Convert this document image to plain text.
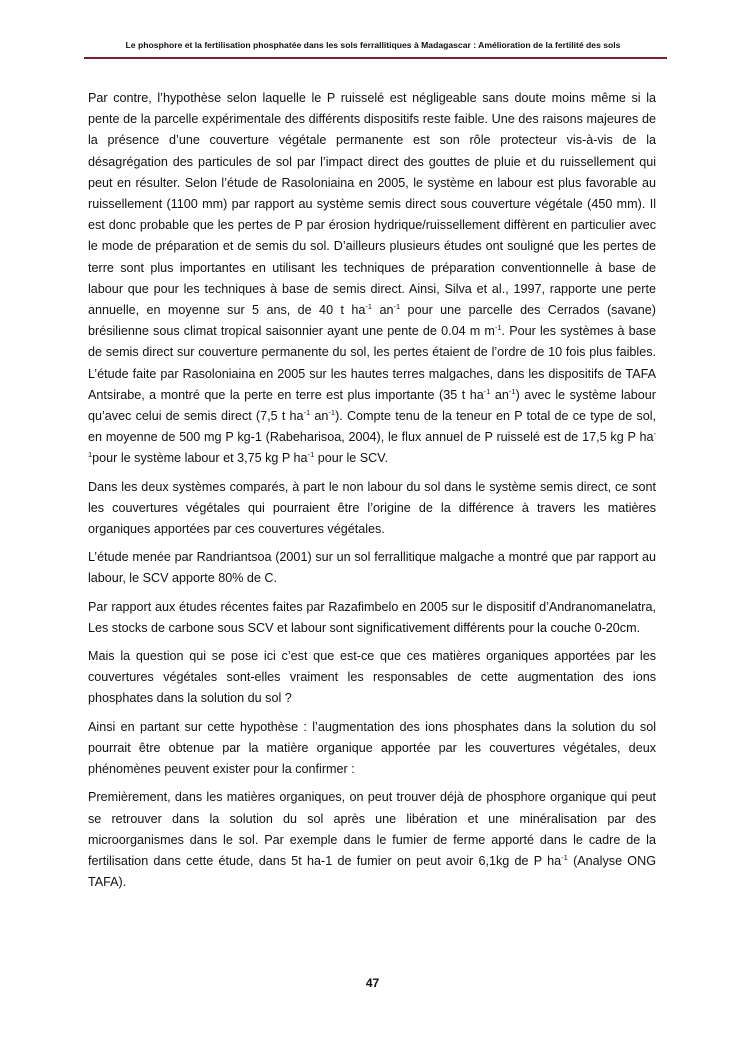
Le phosphore et la fertilisation phosphatée dans les sols ferrallitiques à Madagascar : Amélioration de la fertilité des sols

Par contre, l’hypothèse selon laquelle le P ruisselé est négligeable sans doute moins même si la pente de la parcelle expérimentale des différents dispositifs reste faible. Une des raisons majeures de la présence d’une couverture végétale permanente est son rôle protecteur vis-à-vis de la désagrégation des particules de sol par l’impact direct des gouttes de pluie et du ruissellement qui peut en résulter. Selon l’étude de Rasoloniaina en 2005, le système en labour est plus favorable au ruissellement (1100 mm) par rapport au système semis direct sous couverture végétale (450 mm). Il est donc probable que les pertes de P par érosion hydrique/ruissellement diffèrent en particulier avec le mode de préparation et de semis du sol. D’ailleurs plusieurs études ont souligné que les pertes de terre sont plus importantes en utilisant les techniques de préparation conventionnelle à base de labour que pour les techniques à base de semis direct. Ainsi, Silva et al., 1997, rapporte une perte annuelle, en moyenne sur 5 ans, de 40 t $ha^{-1}$ $an^{-1}$ pour une parcelle des Cerrados (savane) brésilienne sous climat tropical saisonnier ayant une pente de 0.04 m $m^{-1}$. Pour les systèmes à base de semis direct sur couverture permanente du sol, les pertes étaient de l’ordre de 10 fois plus faibles. L’étude faite par Rasoloniaina en 2005 sur les hautes terres malgaches, dans les dispositifs de TAFA Antsirabe, a montré que la perte en terre est plus importante (35 t $ha^{-1}$ $an^{-1}$) avec le système labour qu’avec celui de semis direct (7,5 t $ha^{-1}$ $an^{-1}$). Compte tenu de la teneur en P total de ce type de sol, en moyenne de 500 mg P kg-1 (Rabeharisoa, 2004), le flux annuel de P ruisselé est de 17,5 kg P $ha^{-1}pour$ le système labour et 3,75 kg P $ha^{-1}$ pour le SCV.

Dans les deux systèmes comparés, à part le non labour du sol dans le système semis direct, ce sont les couvertures végétales qui pourraient être l’origine de la différence à travers les matières organiques apportées par ces couvertures végétales.

L’étude menée par Randriantsoa (2001) sur un sol ferrallitique malgache a montré que par rapport au labour, le SCV apporte 80% de C.

Par rapport aux études récentes faites par Razafimbelo en 2005 sur le dispositif d’Andranomanelatra, Les stocks de carbone sous SCV et labour sont significativement différents pour la couche 0-20cm.

Mais la question qui se pose ici c’est que est-ce que ces matières organiques apportées par les couvertures végétales sont-elles vraiment les responsables de cette augmentation des ions phosphates dans la solution du sol ?

Ainsi en partant sur cette hypothèse : l’augmentation des ions phosphates dans la solution du sol pourrait être obtenue par la matière organique apportée par les couvertures végétales, deux phénomènes peuvent exister pour la confirmer :

Premièrement, dans les matières organiques, on peut trouver déjà de phosphore organique qui peut se retrouver dans la solution du sol après une libération et une minéralisation par des microorganismes dans le sol. Par exemple dans le fumier de ferme apporté dans le cadre de la fertilisation dans cette étude, dans 5t ha-1 de fumier on peut avoir 6,1kg de P $ha^{-1}$ (Analyse ONG TAFA).

47
